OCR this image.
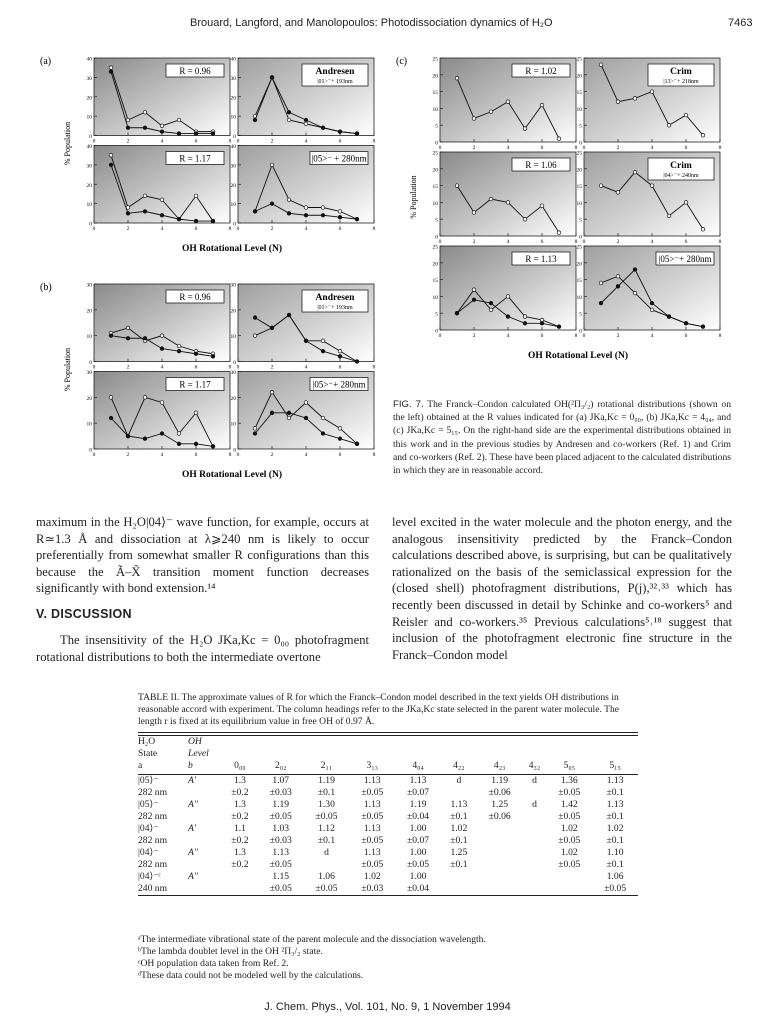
Brouard, Langford, and Manolopoulos: Photodissociation dynamics of H₂O	7463
(a)
0
10
20
30
40
0	2	4	6	8
R = 0.96
0
10
20
30
40
0	2	4	6	8
Andresen
|01>⁻+ 193nm
0
10
20
30
40
0	2	4	6	8
R = 1.17
0
10
20
30
40
0	2	4	6	8
|05>⁻ + 280nm
OH Rotational Level (N)
% Population
(b)
0
10
20
30
0	2	4	6	8
R = 0.96
0
10
20
30
0	2	4	6	8
Andresen
|01>⁻+ 193nm
0
10
20
30
0	2	4	6	8
R = 1.17
0
10
20
30
0	2	4	6	8
|05>⁻+ 280nm
OH Rotational Level (N)
% Population
(c)
0
5
10
15
20
25
0	2	4	6	8
R = 1.02
0
5
10
15
20
25
0	2	4	6	8
Crim
|13>⁻+ 218nm
0
5
10
15
20
25
0	2	4	6	8
R = 1.06
0
5
10
15
20
25
0	2	4	6	8
Crim
|04>⁻+ 240nm
0
5
10
15
20
25
0	2	4	6	8
R = 1.13
0
5
10
15
20
25
0	2	4	6	8
|05>⁻+ 280nm
OH Rotational Level (N)
% Population
FIG. 7. The Franck–Condon calculated OH(²Π₃/₂) rotational distributions (shown on the left) obtained at the R values indicated for (a) JKa,Kc = 0₀₀, (b) JKa,Kc = 4₀₄, and (c) JKa,Kc = 5₁₅. On the right-hand side are the experimental distributions obtained in this work and in the previous studies by Andresen and co-workers (Ref. 1) and Crim and co-workers (Ref. 2). These have been placed adjacent to the calculated distributions in which they are in reasonable accord.
maximum in the H₂O|04⟩⁻ wave function, for example, occurs at R≃1.3 Å and dissociation at λ⩾240 nm is likely to occur preferentially from somewhat smaller R configurations than this because the Ã–X̃ transition moment function decreases significantly with bond extension.¹⁴
V. DISCUSSION
The insensitivity of the H₂O JKa,Kc = 0₀₀ photofragment rotational distributions to both the intermediate overtone
level excited in the water molecule and the photon energy, and the analogous insensitivity predicted by the Franck–Condon calculations described above, is surprising, but can be qualitatively rationalized on the basis of the semiclassical expression for the (closed shell) photofragment distributions, P(j),³²˒³³ which has recently been discussed in detail by Schinke and co-workers⁵ and Reisler and co-workers.³⁵ Previous calculations⁵˒¹⁸ suggest that inclusion of the photofragment electronic fine structure in the Franck–Condon model
TABLE II. The approximate values of R for which the Franck–Condon model described in the text yields OH distributions in reasonable accord with experiment. The column headings refer to the JKa,Kc state selected in the parent water molecule. The length r is fixed at its equilibrium value in free OH of 0.97 Å.
H₂O	OH										
State	Level										
a	b	0₀₀	2₀₂	2₁₁	3₁₃	4₀₄	4₂₂	4₂₃	4₃₂	5₀₅	5₁₅
|05⟩⁻	A′	1.3	1.07	1.19	1.13	1.13	d	1.19	d	1.36	1.13
282 nm		±0.2	±0.03	±0.1	±0.05	±0.07		±0.06		±0.05	±0.1
|05⟩⁻	A″	1.3	1.19	1.30	1.13	1.19	1.13	1.25	d	1.42	1.13
282 nm		±0.2	±0.05	±0.05	±0.05	±0.04	±0.1	±0.06		±0.05	±0.1
|04⟩⁻	A′	1.1	1.03	1.12	1.13	1.00	1.02			1.02	1.02
282 nm		±0.2	±0.03	±0.1	±0.05	±0.07	±0.1			±0.05	±0.1
|04⟩⁻	A″	1.3	1.13	d	1.13	1.00	1.25			1.02	1.10
282 nm		±0.2	±0.05		±0.05	±0.05	±0.1			±0.05	±0.1
|04⟩⁻ᶜ	A″		1.15	1.06	1.02	1.00					1.06
240 nm			±0.05	±0.05	±0.03	±0.04					±0.05
ᵃThe intermediate vibrational state of the parent molecule and the dissociation wavelength.
ᵇThe lambda doublet level in the OH ²Π₃/₂ state.
ᶜOH population data taken from Ref. 2.
ᵈThese data could not be modeled well by the calculations.
J. Chem. Phys., Vol. 101, No. 9, 1 November 1994
